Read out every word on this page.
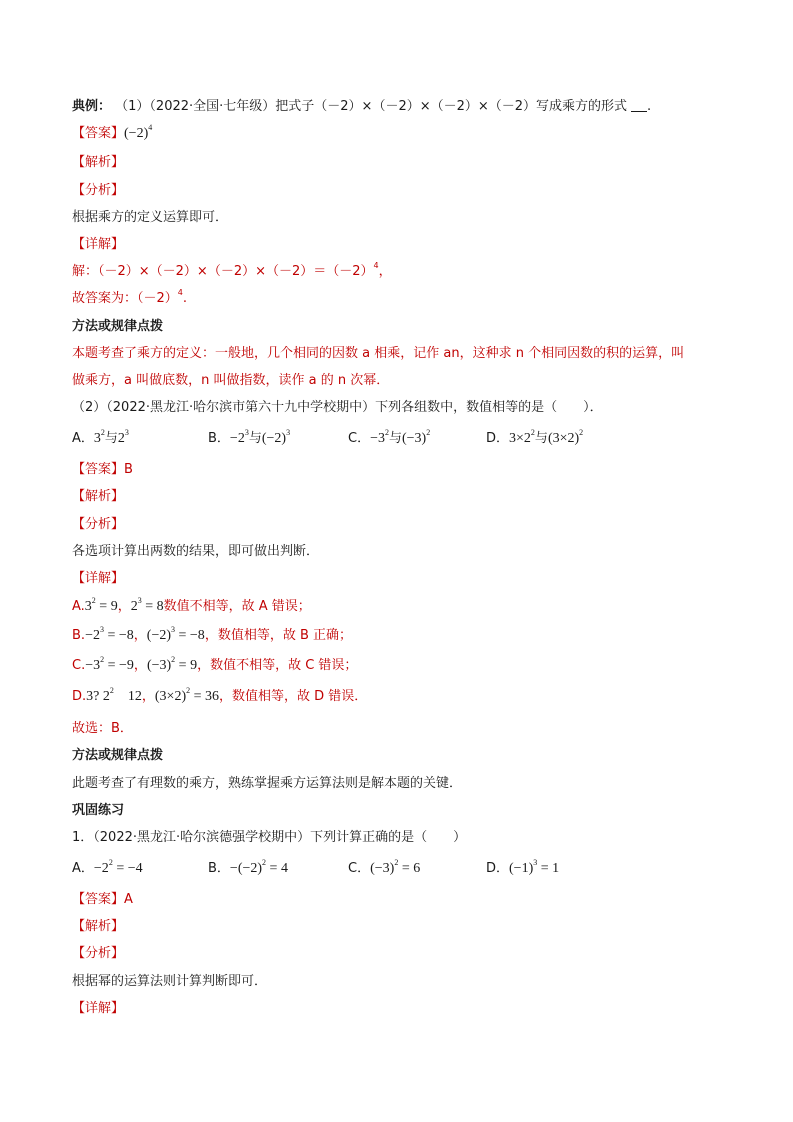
典例： （1）（2022·全国·七年级）把式子（－2）×（－2）×（－2）×（－2）写成乘方的形式 .
【答案】$(-2)^4$
【解析】
【分析】
根据乘方的定义运算即可．
【详解】
解：$(-2)\times(-2)\times(-2)\times(-2)=(-2)^4$，
故答案为：$(-2)^4$.
方法或规律点拨
本题考查了乘方的定义：一般地，几个相同的因数 a 相乘，记作 an，这种求 n 个相同因数的积的运算，叫
做乘方，a 叫做底数，n 叫做指数，读作 a 的 n 次幂．
（2）（2022·黑龙江·哈尔滨市第六十九中学校期中）下列各组数中，数值相等的是（　　）．
A．$3^2$与$2^3$	B．$-2^3$与$(-2)^3$	C．$-3^2$与$(-3)^2$	D．$3\times 2^2$与$(3\times 2)^2$
【答案】B
【解析】
【分析】
各选项计算出两数的结果，即可做出判断．
【详解】
$A.3^2 = 9$，$2^3 = 8$数值不相等，故 A 错误；
$B.-2^3 = -8$，$(-2)^3 = -8$，数值相等，故 B 正确；
$C.-3^2 = -9$，$(-3)^2 = 9$，数值不相等，故 C 错误；
D.3? $2^2$　12，$(3\times 2)^2 = 36$，数值相等，故 D 错误．
故选：B．
方法或规律点拨
此题考查了有理数的乘方，熟练掌握乘方运算法则是解本题的关键．
巩固练习
1．（2022·黑龙江·哈尔滨德强学校期中）下列计算正确的是（　　）
A．$-2^2 = -4$	B．$-(-2)^2 = 4$	C．$(-3)^2 = 6$	D．$(-1)^3 = 1$
【答案】A
【解析】
【分析】
根据幂的运算法则计算判断即可．
【详解】
